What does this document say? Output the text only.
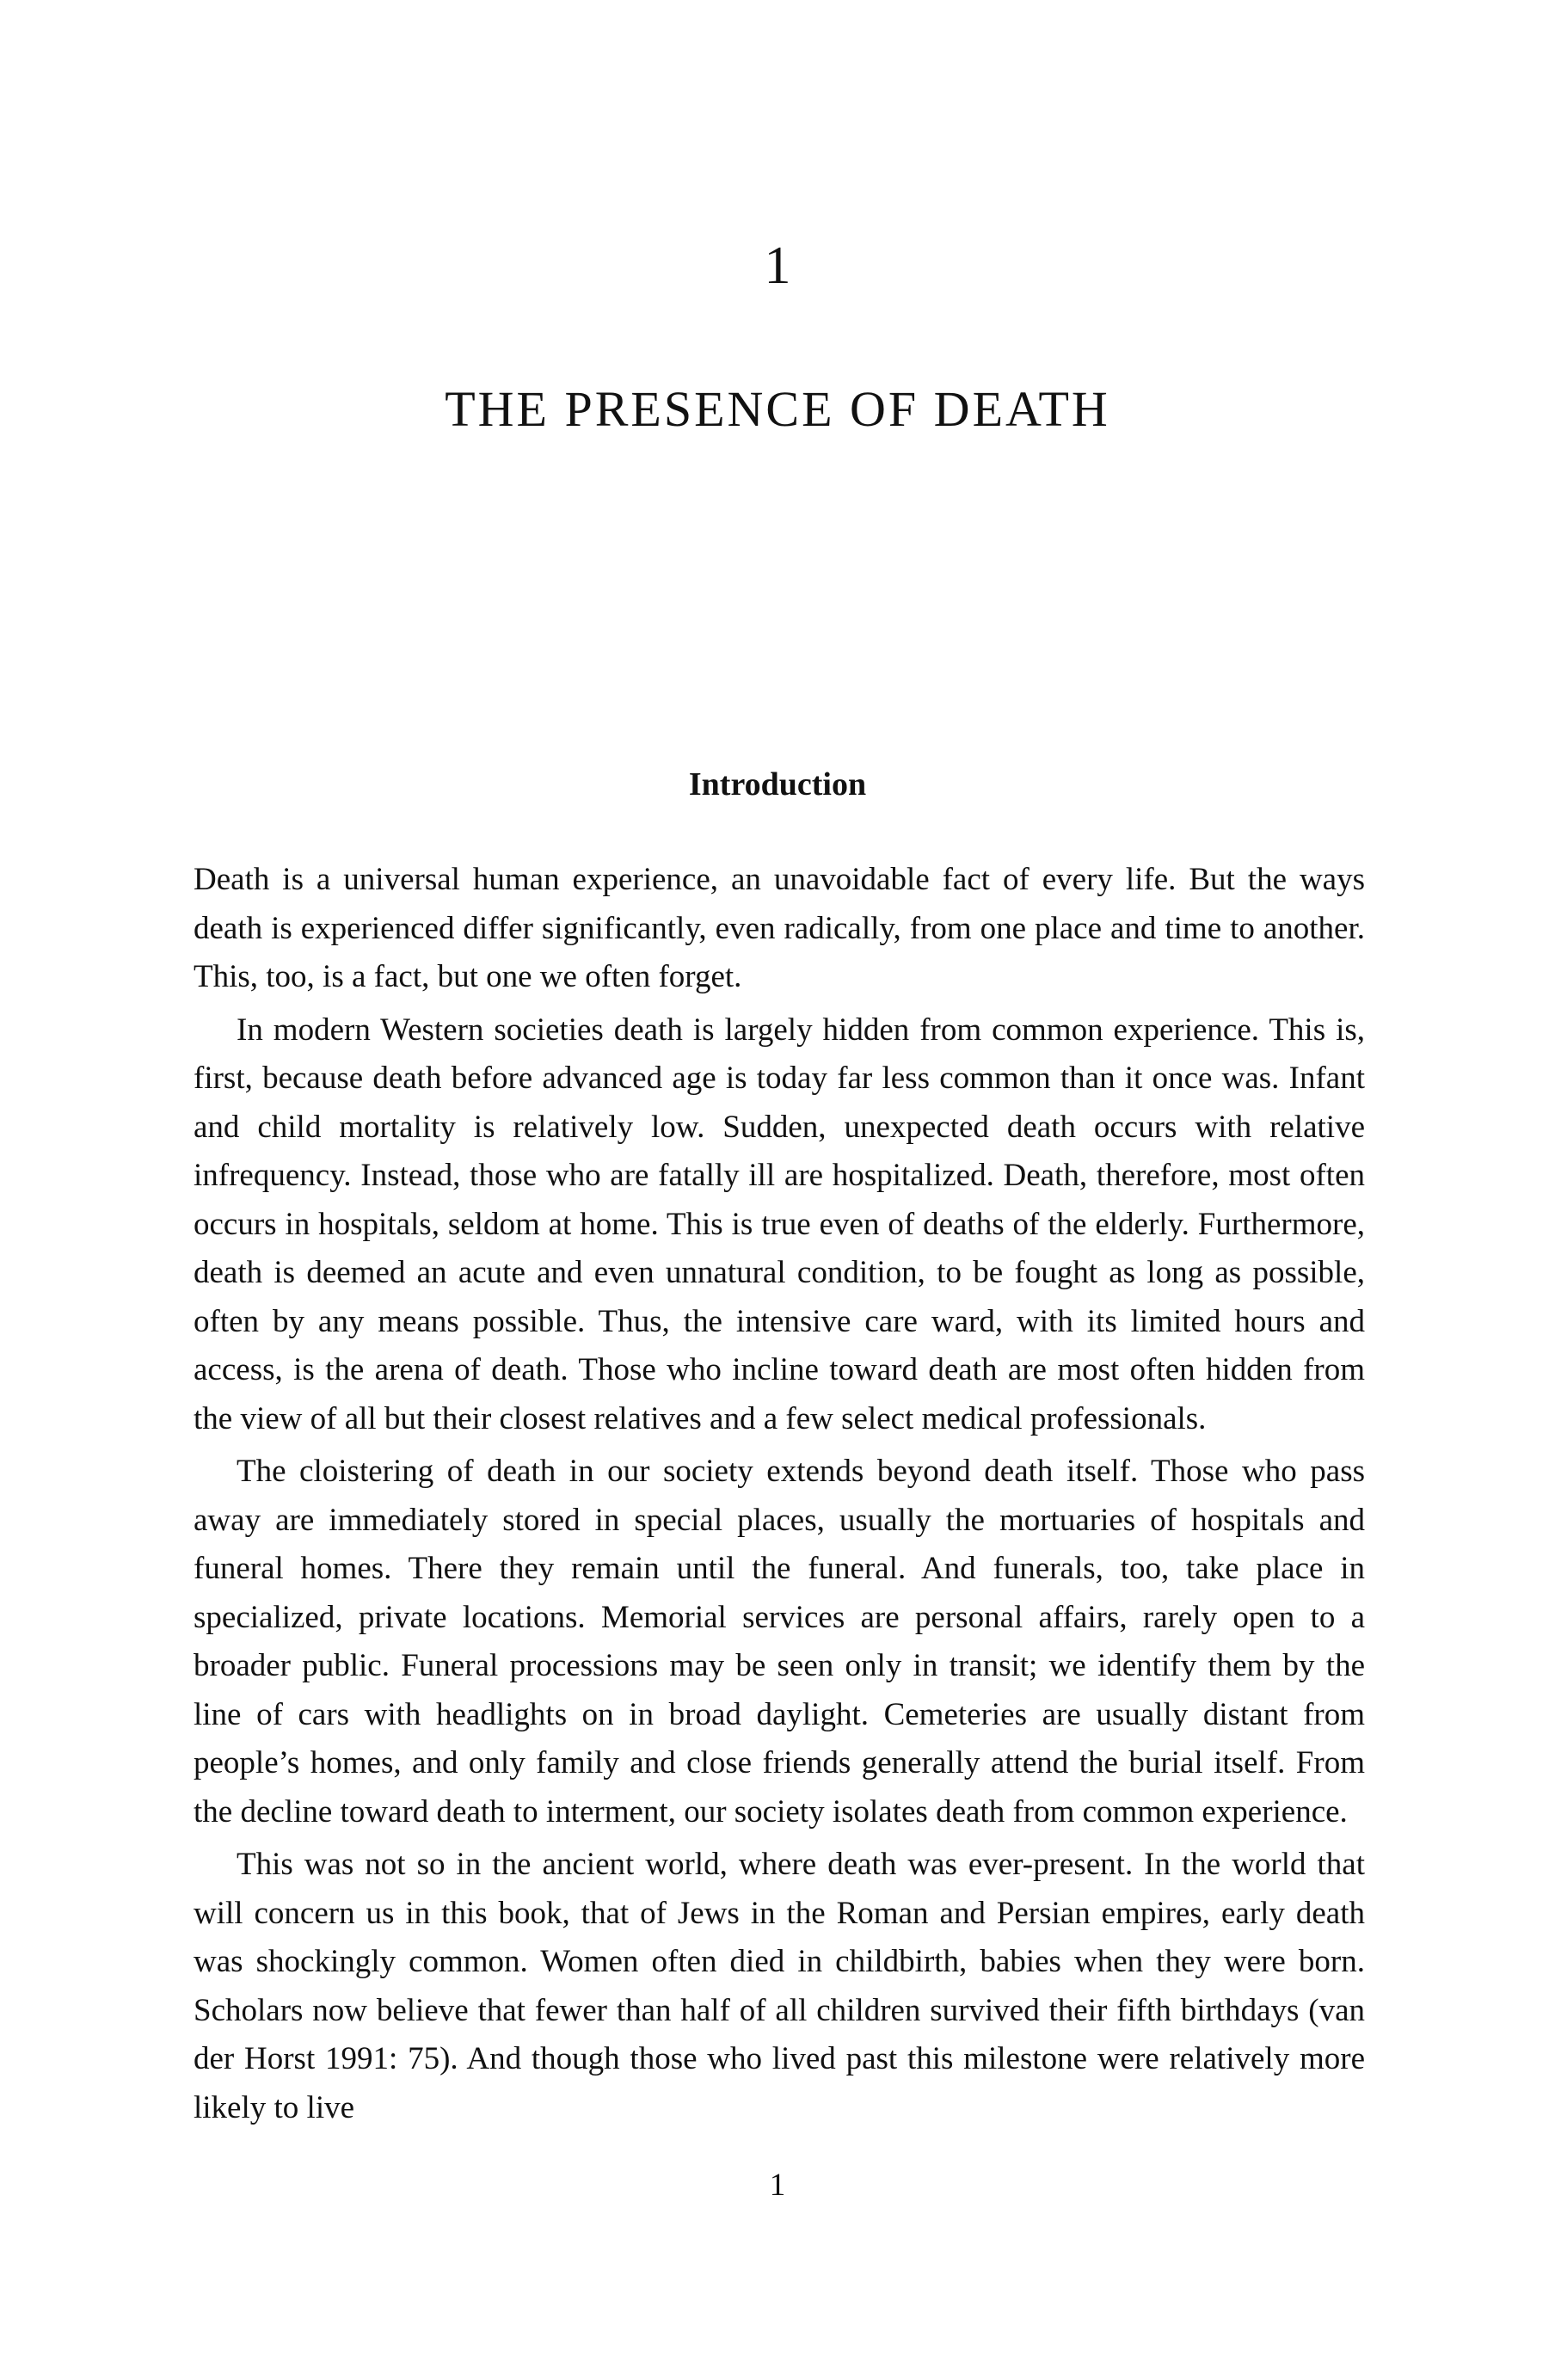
1
THE PRESENCE OF DEATH
Introduction

Death is a universal human experience, an unavoidable fact of every life. But the ways death is experienced differ significantly, even radically, from one place and time to another. This, too, is a fact, but one we often forget.

In modern Western societies death is largely hidden from common experience. This is, first, because death before advanced age is today far less common than it once was. Infant and child mortality is relatively low. Sudden, unexpected death occurs with relative infrequency. Instead, those who are fatally ill are hospitalized. Death, therefore, most often occurs in hospitals, seldom at home. This is true even of deaths of the elderly. Furthermore, death is deemed an acute and even unnatural condition, to be fought as long as possible, often by any means possible. Thus, the intensive care ward, with its limited hours and access, is the arena of death. Those who incline toward death are most often hidden from the view of all but their closest relatives and a few select medical professionals.

The cloistering of death in our society extends beyond death itself. Those who pass away are immediately stored in special places, usually the mortuaries of hospitals and funeral homes. There they remain until the funeral. And funerals, too, take place in specialized, private locations. Memorial services are personal affairs, rarely open to a broader public. Funeral processions may be seen only in transit; we identify them by the line of cars with headlights on in broad daylight. Cemeteries are usually distant from people’s homes, and only family and close friends generally attend the burial itself. From the decline toward death to interment, our society isolates death from common experience.

This was not so in the ancient world, where death was ever-present. In the world that will concern us in this book, that of Jews in the Roman and Persian empires, early death was shockingly common. Women often died in childbirth, babies when they were born. Scholars now believe that fewer than half of all children survived their fifth birthdays (van der Horst 1991: 75). And though those who lived past this milestone were relatively more likely to live

1
